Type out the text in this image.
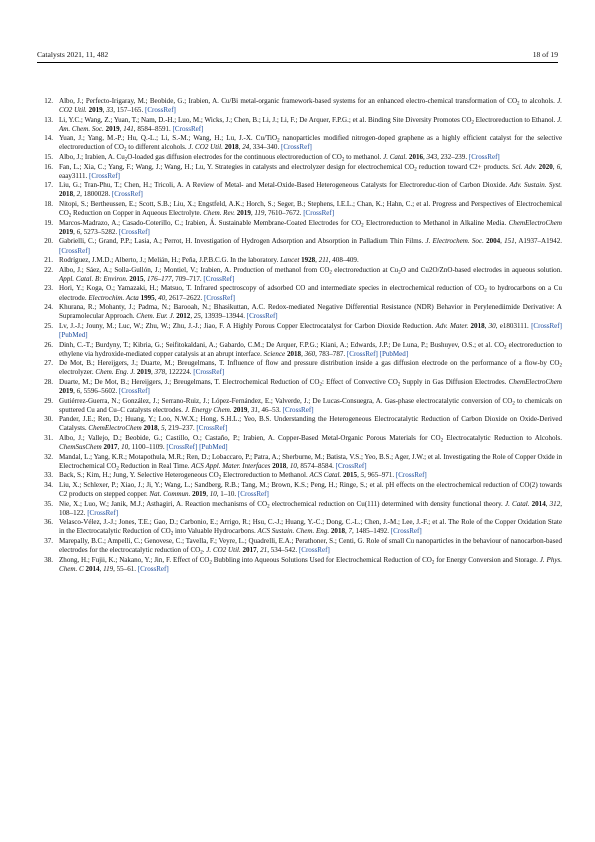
Catalysts 2021, 11, 482	18 of 19
12. Albo, J.; Perfecto-Irigaray, M.; Beobide, G.; Irabien, A. Cu/Bi metal-organic framework-based systems for an enhanced electro-chemical transformation of $CO_2$ to alcohols. J. CO2 Util. 2019, 33, 157–165. [CrossRef]
13. Li, Y.C.; Wang, Z.; Yuan, T.; Nam, D.-H.; Luo, M.; Wicks, J.; Chen, B.; Li, J.; Li, F.; De Arquer, F.P.G.; et al. Binding Site Diversity Promotes $CO_2$ Electroreduction to Ethanol. J. Am. Chem. Soc. 2019, 141, 8584–8591. [CrossRef]
14. Yuan, J.; Yang, M.-P.; Hu, Q.-L.; Li, S.-M.; Wang, H.; Lu, J.-X. Cu/TiO$_2$ nanoparticles modified nitrogen-doped graphene as a highly efficient catalyst for the selective electroreduction of $CO_2$ to different alcohols. J. CO2 Util. 2018, 24, 334–340. [CrossRef]
15. Albo, J.; Irabien, A. $Cu_2O$-loaded gas diffusion electrodes for the continuous electroreduction of $CO_2$ to methanol. J. Catal. 2016, 343, 232–239. [CrossRef]
16. Fan, L.; Xia, C.; Yang, F.; Wang, J.; Wang, H.; Lu, Y. Strategies in catalysts and electrolyzer design for electrochemical $CO_2$ reduction toward C2+ products. Sci. Adv. 2020, 6, eaay3111. [CrossRef]
17. Liu, G.; Tran-Phu, T.; Chen, H.; Tricoli, A. A Review of Metal- and Metal-Oxide-Based Heterogeneous Catalysts for Electroreduc-tion of Carbon Dioxide. Adv. Sustain. Syst. 2018, 2, 1800028. [CrossRef]
18. Nitopi, S.; Bertheussen, E.; Scott, S.B.; Liu, X.; Engstfeld, A.K.; Horch, S.; Seger, B.; Stephens, I.E.L.; Chan, K.; Hahn, C.; et al. Progress and Perspectives of Electrochemical $CO_2$ Reduction on Copper in Aqueous Electrolyte. Chem. Rev. 2019, 119, 7610–7672. [CrossRef]
19. Marcos-Madrazo, A.; Casado-Coterillo, C.; Irabien, Á. Sustainable Membrane-Coated Electrodes for $CO_2$ Electroreduction to Methanol in Alkaline Media. ChemElectroChem 2019, 6, 5273–5282. [CrossRef]
20. Gabrielli, C.; Grand, P.P.; Lasia, A.; Perrot, H. Investigation of Hydrogen Adsorption and Absorption in Palladium Thin Films. J. Electrochem. Soc. 2004, 151, A1937–A1942. [CrossRef]
21. Rodríguez, J.M.D.; Alberto, J.; Melián, H.; Peña, J.P.B.C.G. In the laboratory. Lancet 1928, 211, 408–409.
22. Albo, J.; Sáez, A.; Solla-Gullón, J.; Montiel, V.; Irabien, A. Production of methanol from $CO_2$ electroreduction at $Cu_2O$ and Cu2O/ZnO-based electrodes in aqueous solution. Appl. Catal. B: Environ. 2015, 176–177, 709–717. [CrossRef]
23. Hori, Y.; Koga, O.; Yamazaki, H.; Matsuo, T. Infrared spectroscopy of adsorbed CO and intermediate species in electrochemical reduction of $CO_2$ to hydrocarbons on a Cu electrode. Electrochim. Acta 1995, 40, 2617–2622. [CrossRef]
24. Khurana, R.; Mohanty, J.; Padma, N.; Barooah, N.; Bhasikuttan, A.C. Redox-mediated Negative Differential Resistance (NDR) Behavior in Perylenediimide Derivative: A Supramolecular Approach. Chem. Eur. J. 2012, 25, 13939–13944. [CrossRef]
25. Lv, J.-J.; Jouny, M.; Luc, W.; Zhu, W.; Zhu, J.-J.; Jiao, F. A Highly Porous Copper Electrocatalyst for Carbon Dioxide Reduction. Adv. Mater. 2018, 30, e1803111. [CrossRef] [PubMed]
26. Dinh, C.-T.; Burdyny, T.; Kibria, G.; Seifitokaldani, A.; Gabardo, C.M.; De Arquer, F.P.G.; Kiani, A.; Edwards, J.P.; De Luna, P.; Bushuyev, O.S.; et al. $CO_2$ electroreduction to ethylene via hydroxide-mediated copper catalysis at an abrupt interface. Science 2018, 360, 783–787. [CrossRef] [PubMed]
27. De Mot, B.; Hereijgers, J.; Duarte, M.; Breugelmans, T. Influence of flow and pressure distribution inside a gas diffusion electrode on the performance of a flow-by $CO_2$ electrolyzer. Chem. Eng. J. 2019, 378, 122224. [CrossRef]
28. Duarte, M.; De Mot, B.; Hereijgers, J.; Breugelmans, T. Electrochemical Reduction of $CO_2$: Effect of Convective $CO_2$ Supply in Gas Diffusion Electrodes. ChemElectroChem 2019, 6, 5596–5602. [CrossRef]
29. Gutiérrez-Guerra, N.; González, J.; Serrano-Ruiz, J.; López-Fernández, E.; Valverde, J.; De Lucas-Consuegra, A. Gas-phase electrocatalytic conversion of $CO_2$ to chemicals on sputtered Cu and Cu–C catalysts electrodes. J. Energy Chem. 2019, 31, 46–53. [CrossRef]
30. Pander, J.E.; Ren, D.; Huang, Y.; Loo, N.W.X.; Hong, S.H.L.; Yeo, B.S. Understanding the Heterogeneous Electrocatalytic Reduction of Carbon Dioxide on Oxide-Derived Catalysts. ChemElectroChem 2018, 5, 219–237. [CrossRef]
31. Albo, J.; Vallejo, D.; Beobide, G.; Castillo, O.; Castaño, P.; Irabien, A. Copper-Based Metal-Organic Porous Materials for $CO_2$ Electrocatalytic Reduction to Alcohols. ChemSusChem 2017, 10, 1100–1109. [CrossRef] [PubMed]
32. Mandal, L.; Yang, K.R.; Motapothula, M.R.; Ren, D.; Lobaccaro, P.; Patra, A.; Sherburne, M.; Batista, V.S.; Yeo, B.S.; Ager, J.W.; et al. Investigating the Role of Copper Oxide in Electrochemical $CO_2$ Reduction in Real Time. ACS Appl. Mater. Interfaces 2018, 10, 8574–8584. [CrossRef]
33. Back, S.; Kim, H.; Jung, Y. Selective Heterogeneous $CO_2$ Electroreduction to Methanol. ACS Catal. 2015, 5, 965–971. [CrossRef]
34. Liu, X.; Schlexer, P.; Xiao, J.; Ji, Y.; Wang, L.; Sandberg, R.B.; Tang, M.; Brown, K.S.; Peng, H.; Ringe, S.; et al. pH effects on the electrochemical reduction of CO(2) towards C2 products on stepped copper. Nat. Commun. 2019, 10, 1–10. [CrossRef]
35. Nie, X.; Luo, W.; Janik, M.J.; Asthagiri, A. Reaction mechanisms of $CO_2$ electrochemical reduction on Cu(111) determined with density functional theory. J. Catal. 2014, 312, 108–122. [CrossRef]
36. Velasco-Vélez, J.-J.; Jones, T.E.; Gao, D.; Carbonio, E.; Arrigo, R.; Hsu, C.-J.; Huang, Y.-C.; Dong, C.-L.; Chen, J.-M.; Lee, J.-F.; et al. The Role of the Copper Oxidation State in the Electrocatalytic Reduction of $CO_2$ into Valuable Hydrocarbons. ACS Sustain. Chem. Eng. 2018, 7, 1485–1492. [CrossRef]
37. Marepally, B.C.; Ampelli, C.; Genovese, C.; Tavella, F.; Veyre, L.; Quadrelli, E.A.; Perathoner, S.; Centi, G. Role of small Cu nanoparticles in the behaviour of nanocarbon-based electrodes for the electrocatalytic reduction of $CO_2$. J. CO2 Util. 2017, 21, 534–542. [CrossRef]
38. Zhong, H.; Fujii, K.; Nakano, Y.; Jin, F. Effect of $CO_2$ Bubbling into Aqueous Solutions Used for Electrochemical Reduction of $CO_2$ for Energy Conversion and Storage. J. Phys. Chem. C 2014, 119, 55–61. [CrossRef]
